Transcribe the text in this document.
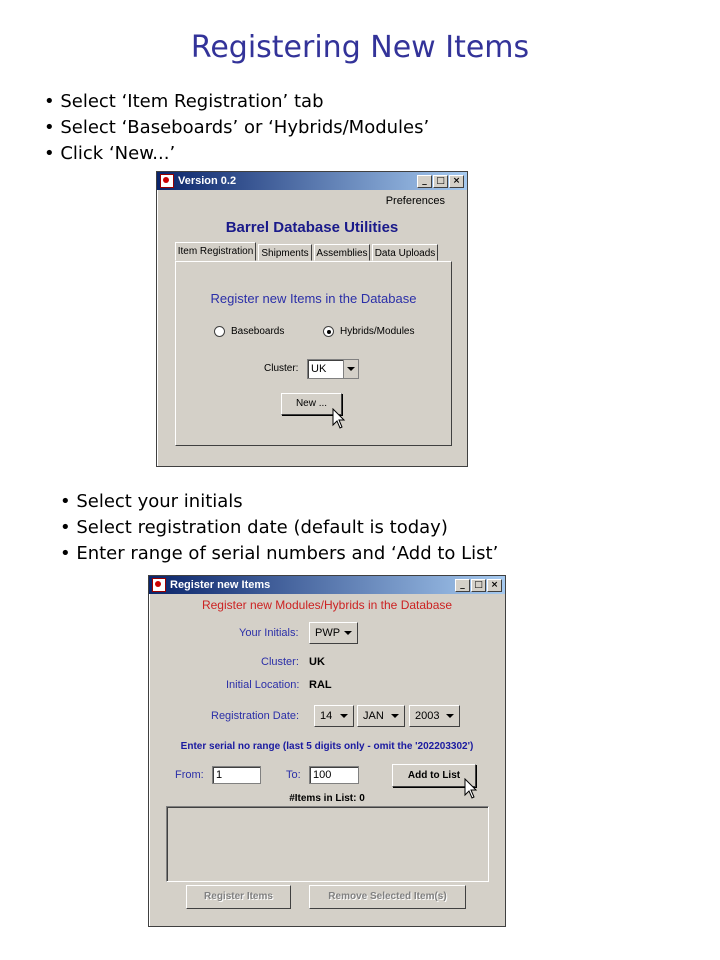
Registering New Items
• Select ‘Item Registration’ tab
• Select ‘Baseboards’ or ‘Hybrids/Modules’
• Click ‘New...’
Version 0.2	_	□ ×
Preferences
Barrel Database Utilities
Item Registration Shipments Assemblies Data Uploads
Register new Items in the Database
Baseboards	Hybrids/Modules
Cluster: UK
New ...
• Select your initials
• Select registration date (default is today)
• Enter range of serial numbers and ‘Add to List’
Register new Items	_	□ ×
Register new Modules/Hybrids in the Database
Your Initials: PWP
Cluster: UK
Initial Location: RAL
Registration Date: 14	JAN	2003
Enter serial no range (last 5 digits only - omit the '202203302')
From:	1	To:	100	Add to List
#Items in List: 0
Register Items	Remove Selected Item(s)
